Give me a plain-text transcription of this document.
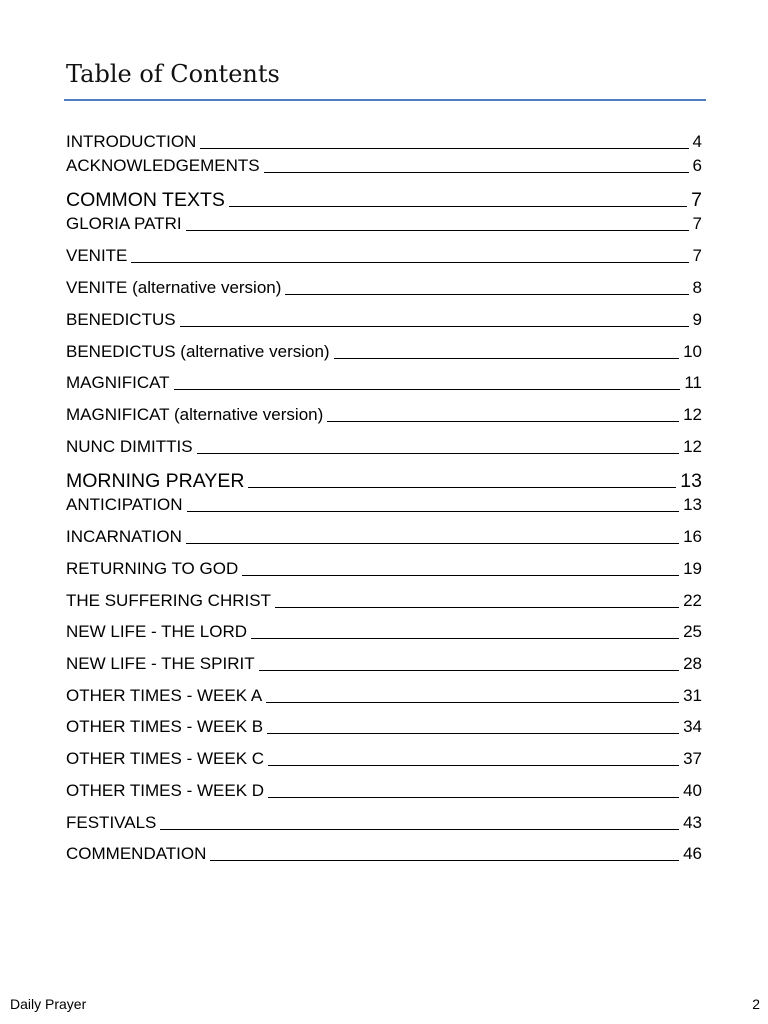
Table of Contents
INTRODUCTION	4
ACKNOWLEDGEMENTS	6
COMMON TEXTS	7
GLORIA PATRI	7
VENITE	7
VENITE (alternative version)	8
BENEDICTUS	9
BENEDICTUS (alternative version)	10
MAGNIFICAT	11
MAGNIFICAT (alternative version)	12
NUNC DIMITTIS	12
MORNING PRAYER	13
ANTICIPATION	13
INCARNATION	16
RETURNING TO GOD	19
THE SUFFERING CHRIST	22
NEW LIFE - THE LORD	25
NEW LIFE - THE SPIRIT	28
OTHER TIMES - WEEK A	31
OTHER TIMES - WEEK B	34
OTHER TIMES - WEEK C	37
OTHER TIMES - WEEK D	40
FESTIVALS	43
COMMENDATION	46
Daily Prayer	2
